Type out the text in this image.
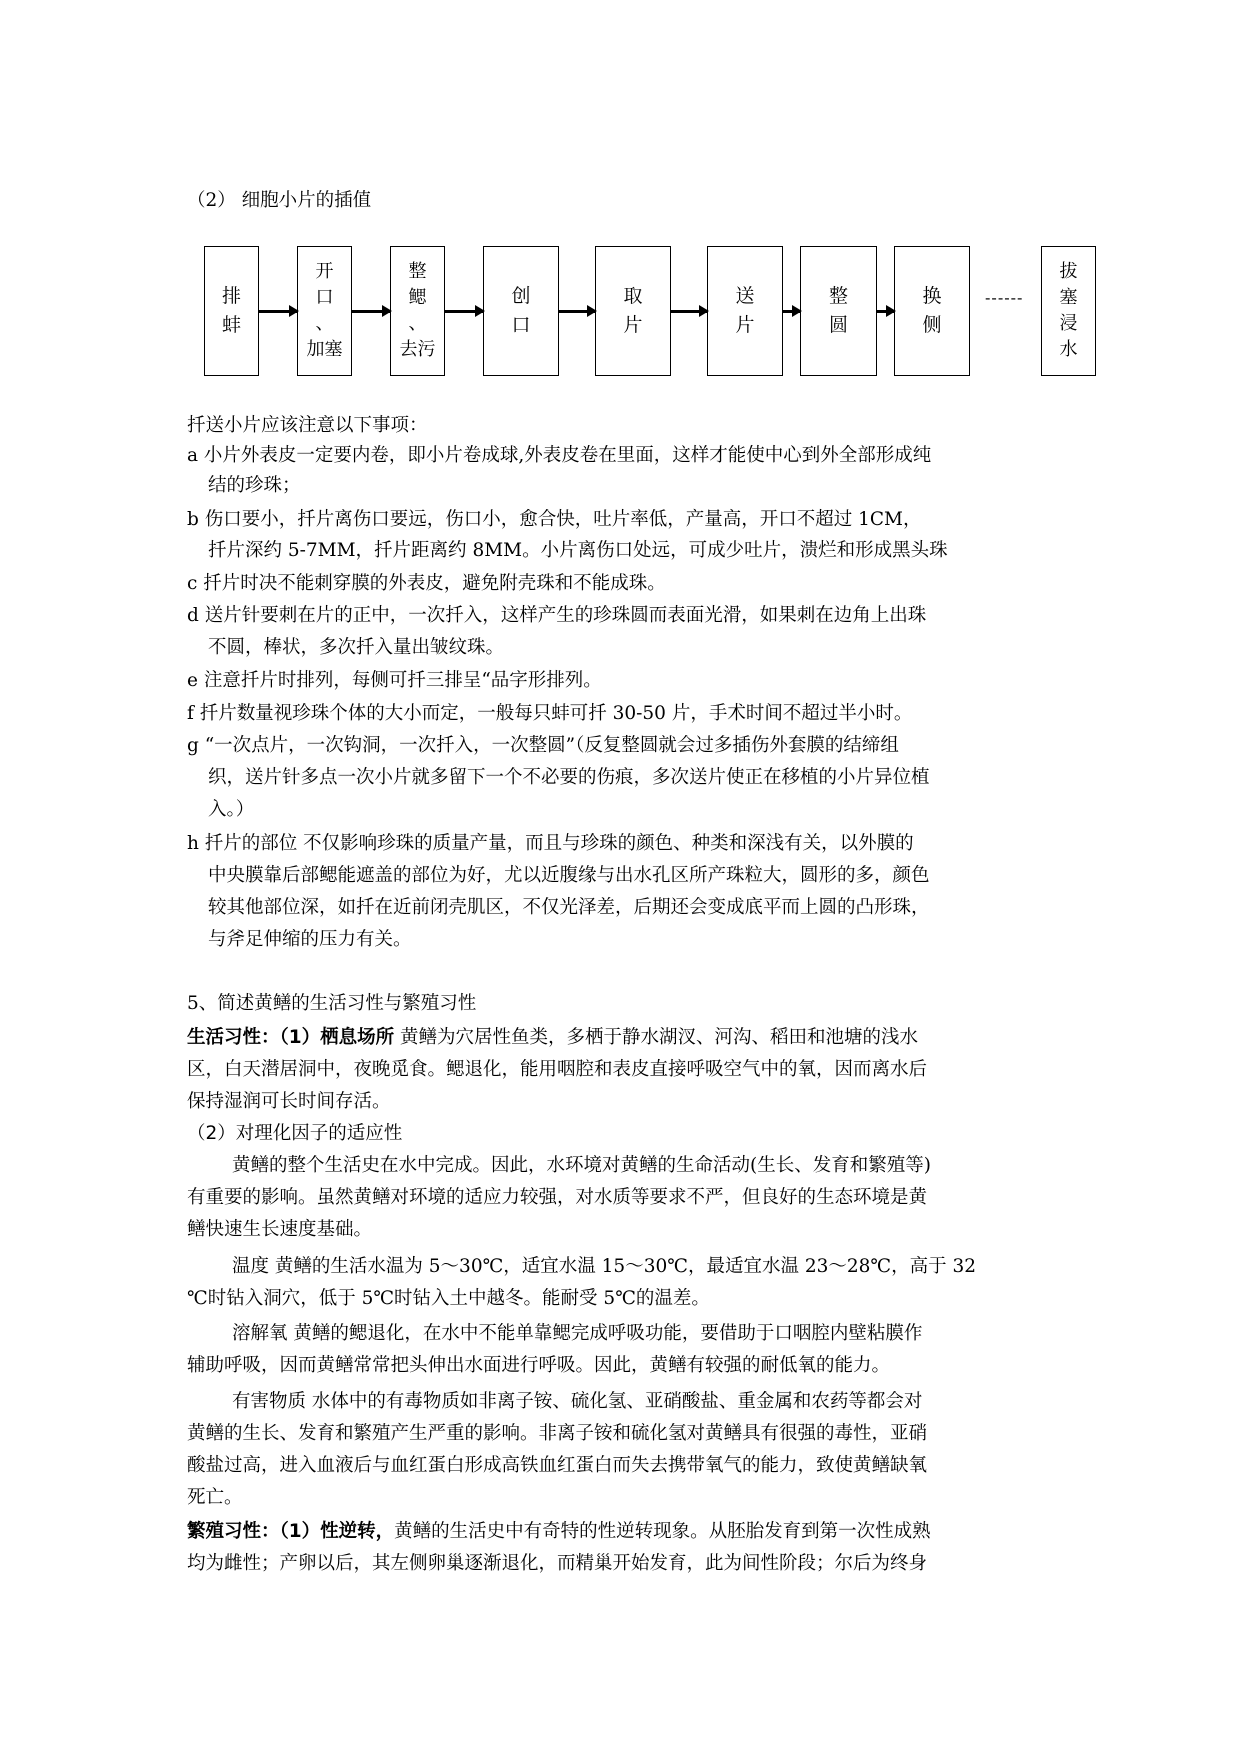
（2） 细胞小片的插值
排
蚌
开
口
、
加塞
整
鳃
、
去污
创
口
取
片
送
片
整
圆
换
侧
------
拔
塞
浸
水
扦送小片应该注意以下事项：
a 小片外表皮一定要内卷，即小片卷成球,外表皮卷在里面，这样才能使中心到外全部形成纯
结的珍珠；
b 伤口要小，扦片离伤口要远，伤口小，愈合快，吐片率低，产量高，开口不超过 1CM，
扦片深约 5-7MM，扦片距离约 8MM。小片离伤口处远，可成少吐片，溃烂和形成黑头珠
c 扦片时决不能刺穿膜的外表皮，避免附壳珠和不能成珠。
d 送片针要刺在片的正中，一次扦入，这样产生的珍珠圆而表面光滑，如果刺在边角上出珠
不圆，棒状，多次扦入量出皱纹珠。
e 注意扦片时排列，每侧可扦三排呈“品字形排列。
f 扦片数量视珍珠个体的大小而定，一般每只蚌可扦 30-50 片，手术时间不超过半小时。
g “一次点片，一次钩洞，一次扦入，一次整圆”（反复整圆就会过多插伤外套膜的结缔组
织，送片针多点一次小片就多留下一个不必要的伤痕，多次送片使正在移植的小片异位植
入。）
h 扦片的部位 不仅影响珍珠的质量产量，而且与珍珠的颜色、种类和深浅有关，以外膜的
中央膜靠后部鳃能遮盖的部位为好，尤以近腹缘与出水孔区所产珠粒大，圆形的多，颜色
较其他部位深，如扦在近前闭壳肌区，不仅光泽差，后期还会变成底平而上圆的凸形珠，
与斧足伸缩的压力有关。
5、简述黄鳝的生活习性与繁殖习性
生活习性：（1）栖息场所 黄鳝为穴居性鱼类，多栖于静水湖汊、河沟、稻田和池塘的浅水
区，白天潜居洞中，夜晚觅食。鳃退化，能用咽腔和表皮直接呼吸空气中的氧，因而离水后
保持湿润可长时间存活。
（2）对理化因子的适应性
黄鳝的整个生活史在水中完成。因此，水环境对黄鳝的生命活动(生长、发育和繁殖等)
有重要的影响。虽然黄鳝对环境的适应力较强，对水质等要求不严，但良好的生态环境是黄
鳝快速生长速度基础。
温度 黄鳝的生活水温为 5～30℃，适宜水温 15～30℃，最适宜水温 23～28℃，高于 32
℃时钻入洞穴，低于 5℃时钻入土中越冬。能耐受 5℃的温差。
溶解氧 黄鳝的鳃退化，在水中不能单靠鳃完成呼吸功能，要借助于口咽腔内壁粘膜作
辅助呼吸，因而黄鳝常常把头伸出水面进行呼吸。因此，黄鳝有较强的耐低氧的能力。
有害物质 水体中的有毒物质如非离子铵、硫化氢、亚硝酸盐、重金属和农药等都会对
黄鳝的生长、发育和繁殖产生严重的影响。非离子铵和硫化氢对黄鳝具有很强的毒性，亚硝
酸盐过高，进入血液后与血红蛋白形成高铁血红蛋白而失去携带氧气的能力，致使黄鳝缺氧
死亡。
繁殖习性：（1）性逆转，黄鳝的生活史中有奇特的性逆转现象。从胚胎发育到第一次性成熟
均为雌性；产卵以后，其左侧卵巢逐渐退化，而精巢开始发育，此为间性阶段；尔后为终身
